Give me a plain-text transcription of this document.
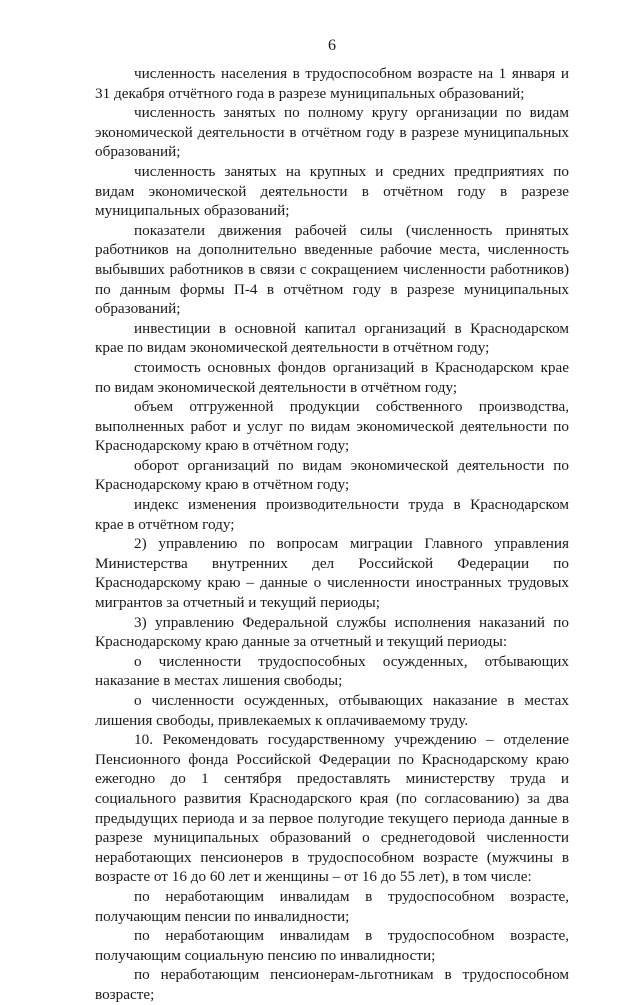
6

численность населения в трудоспособном возрасте на 1 января и 31 декабря отчётного года в разрезе муниципальных образований;

численность занятых по полному кругу организации по видам экономической деятельности в отчётном году в разрезе муниципальных образований;

численность занятых на крупных и средних предприятиях по видам экономической деятельности в отчётном году в разрезе муниципальных образований;

показатели движения рабочей силы (численность принятых работников на дополнительно введенные рабочие места, численность выбывших работников в связи с сокращением численности работников) по данным формы П-4 в отчётном году в разрезе муниципальных образований;

инвестиции в основной капитал организаций в Краснодарском крае по видам экономической деятельности в отчётном году;

стоимость основных фондов организаций в Краснодарском крае по видам экономической деятельности в отчётном году;

объем отгруженной продукции собственного производства, выполненных работ и услуг по видам экономической деятельности по Краснодарскому краю в отчётном году;

оборот организаций по видам экономической деятельности по Краснодарскому краю в отчётном году;

индекс изменения производительности труда в Краснодарском крае в отчётном году;

2) управлению по вопросам миграции Главного управления Министерства внутренних дел Российской Федерации по Краснодарскому краю – данные о численности иностранных трудовых мигрантов за отчетный и текущий периоды;

3) управлению Федеральной службы исполнения наказаний по Краснодарскому краю данные за отчетный и текущий периоды:

о численности трудоспособных осужденных, отбывающих наказание в местах лишения свободы;

о численности осужденных, отбывающих наказание в местах лишения свободы, привлекаемых к оплачиваемому труду.

10. Рекомендовать государственному учреждению – отделение Пенсионного фонда Российской Федерации по Краснодарскому краю ежегодно до 1 сентября предоставлять министерству труда и социального развития Краснодарского края (по согласованию) за два предыдущих периода и за первое полугодие текущего периода данные в разрезе муниципальных образований о среднегодовой численности неработающих пенсионеров в трудоспособном возрасте (мужчины в возрасте от 16 до 60 лет и женщины – от 16 до 55 лет), в том числе:

по неработающим инвалидам в трудоспособном возрасте, получающим пенсии по инвалидности;

по неработающим инвалидам в трудоспособном возрасте, получающим социальную пенсию по инвалидности;

по неработающим пенсионерам-льготникам в трудоспособном возрасте;
